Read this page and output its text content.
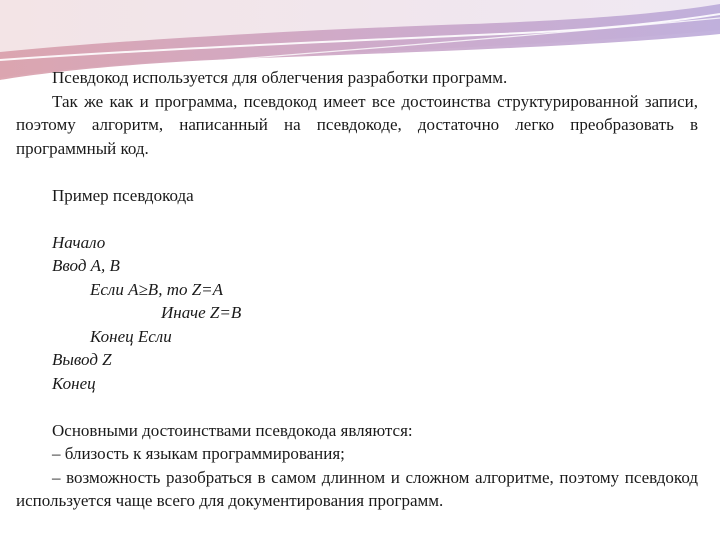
Псевдокод используется для облегчения разработки программ.

Так же как и программа, псевдокод имеет все достоинства структурированной записи, поэтому алгоритм, написанный на псевдокоде, достаточно легко преобразовать в программный код.

Пример псевдокода

Начало

Ввод A, B

Если A≥B, то Z=A

Иначе Z=B

Конец Если

Вывод Z

Конец

Основными достоинствами псевдокода являются:

– близость к языкам программирования;

– возможность разобраться в самом длинном и сложном алгоритме, поэтому псевдокод используется чаще всего для документирования программ.
